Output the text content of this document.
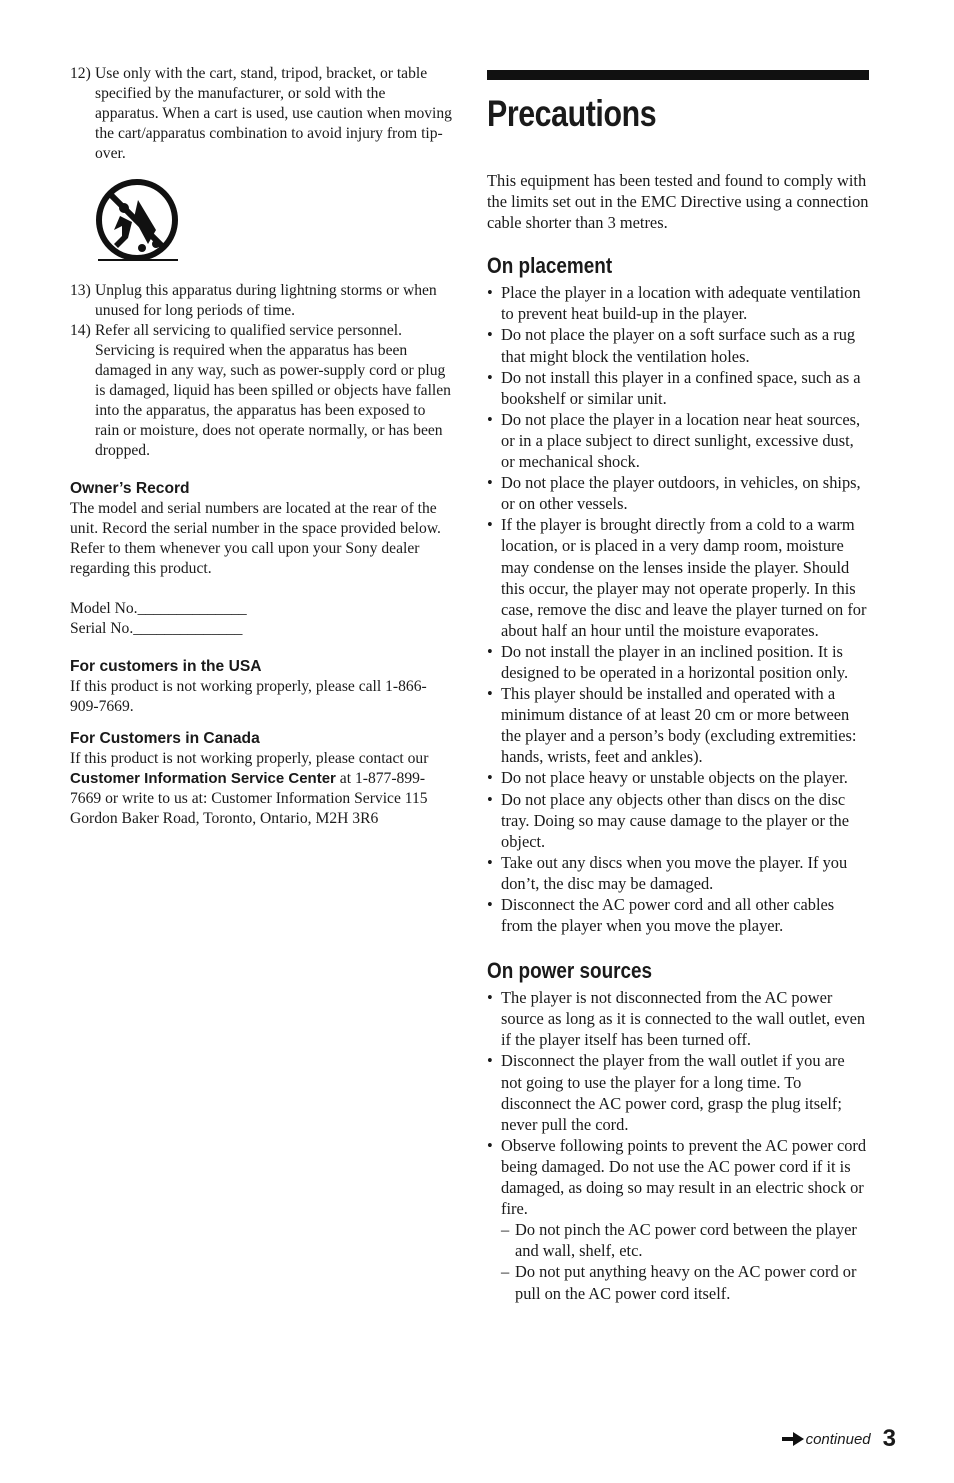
12) Use only with the cart, stand, tripod, bracket, or table specified by the manufacturer, or sold with the apparatus. When a cart is used, use caution when moving the cart/apparatus combination to avoid injury from tip-over.
13) Unplug this apparatus during lightning storms or when unused for long periods of time.
14) Refer all servicing to qualified service personnel. Servicing is required when the apparatus has been damaged in any way, such as power-supply cord or plug is damaged, liquid has been spilled or objects have fallen into the apparatus, the apparatus has been exposed to rain or moisture, does not operate normally, or has been dropped.
Owner’s Record

The model and serial numbers are located at the rear of the unit. Record the serial number in the space provided below. Refer to them whenever you call upon your Sony dealer regarding this product.

Model No.______________
Serial No.______________
For customers in the USA

If this product is not working properly, please call 1-866-909-7669.

For Customers in Canada

If this product is not working properly, please contact our Customer Information Service Center at 1-877-899-7669 or write to us at: Customer Information Service 115 Gordon Baker Road, Toronto, Ontario, M2H 3R6

Precautions

This equipment has been tested and found to comply with the limits set out in the EMC Directive using a connection cable shorter than 3 metres.

On placement
• Place the player in a location with adequate ventilation to prevent heat build-up in the player.
• Do not place the player on a soft surface such as a rug that might block the ventilation holes.
• Do not install this player in a confined space, such as a bookshelf or similar unit.
• Do not place the player in a location near heat sources, or in a place subject to direct sunlight, excessive dust, or mechanical shock.
• Do not place the player outdoors, in vehicles, on ships, or on other vessels.
• If the player is brought directly from a cold to a warm location, or is placed in a very damp room, moisture may condense on the lenses inside the player. Should this occur, the player may not operate properly. In this case, remove the disc and leave the player turned on for about half an hour until the moisture evaporates.
• Do not install the player in an inclined position. It is designed to be operated in a horizontal position only.
• This player should be installed and operated with a minimum distance of at least 20 cm or more between the player and a person’s body (excluding extremities: hands, wrists, feet and ankles).
• Do not place heavy or unstable objects on the player.
• Do not place any objects other than discs on the disc tray. Doing so may cause damage to the player or the object.
• Take out any discs when you move the player. If you don’t, the disc may be damaged.
• Disconnect the AC power cord and all other cables from the player when you move the player.
On power sources
• The player is not disconnected from the AC power source as long as it is connected to the wall outlet, even if the player itself has been turned off.
• Disconnect the player from the wall outlet if you are not going to use the player for a long time. To disconnect the AC power cord, grasp the plug itself; never pull the cord.
• Observe following points to prevent the AC power cord being damaged. Do not use the AC power cord if it is damaged, as doing so may result in an electric shock or fire.
– Do not pinch the AC power cord between the player and wall, shelf, etc.
– Do not put anything heavy on the AC power cord or pull on the AC power cord itself.
continued 3
